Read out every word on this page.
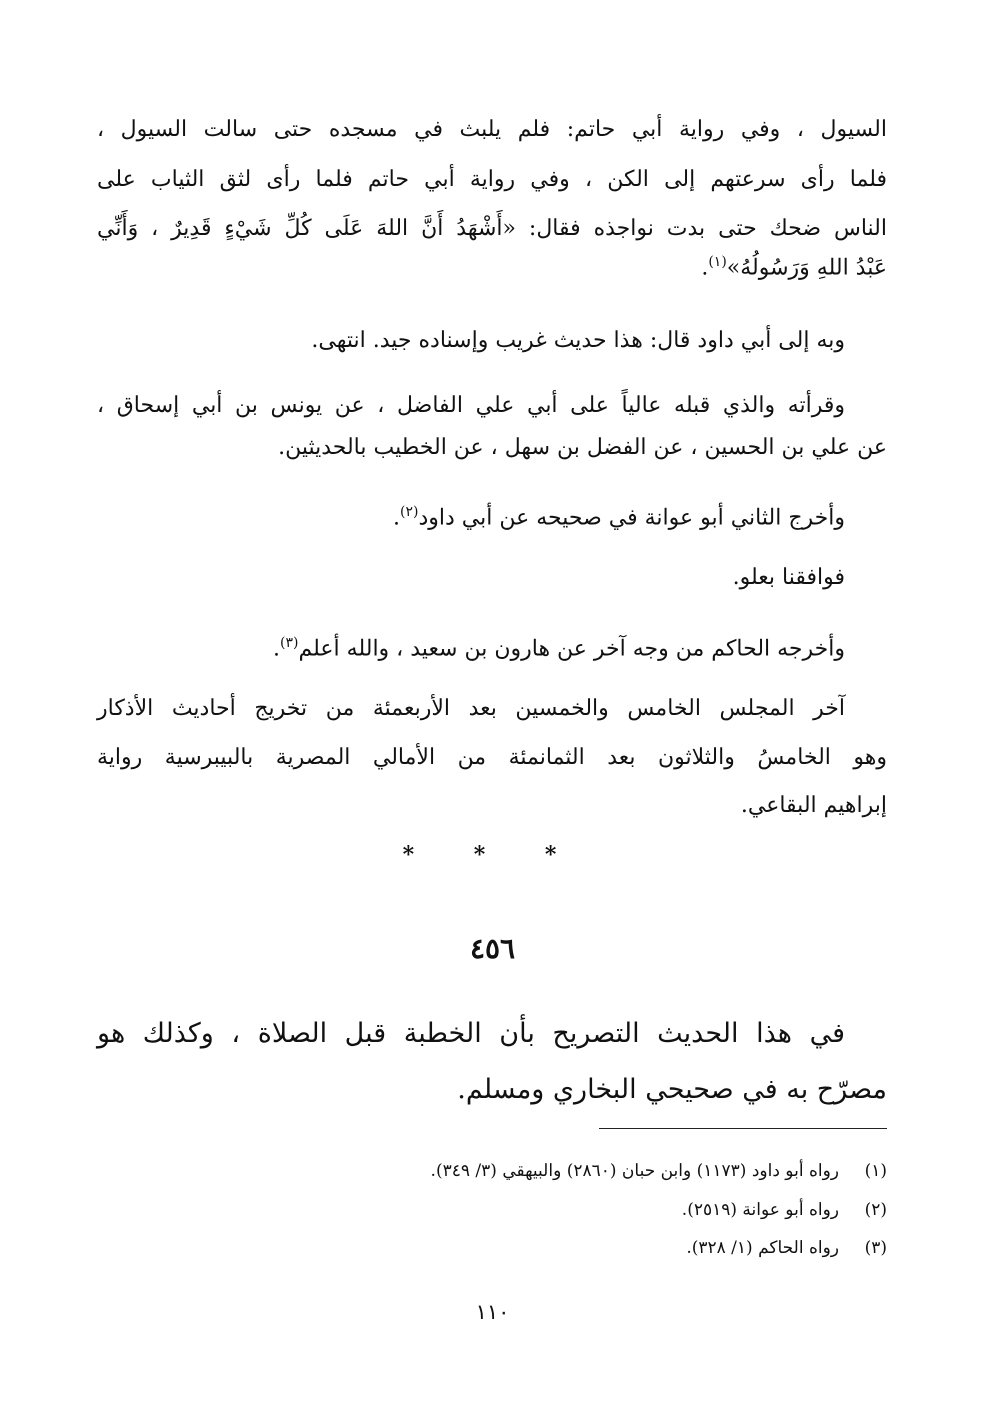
السيول ، وفي رواية أبي حاتم: فلم يلبث في مسجده حتى سالت السيول ،
فلما رأى سرعتهم إلى الكن ، وفي رواية أبي حاتم فلما رأى لثق الثياب على
الناس ضحك حتى بدت نواجذه فقال: «أَشْهَدُ أَنَّ اللهَ عَلَى كُلِّ شَيْءٍ قَدِيرٌ ، وَأَنِّي
عَبْدُ اللهِ وَرَسُولُهُ»$^{(١)}$.
وبه إلى أبي داود قال: هذا حديث غريب وإسناده جيد. انتهى.
وقرأته والذي قبله عالياً على أبي علي الفاضل ، عن يونس بن أبي إسحاق ،
عن علي بن الحسين ، عن الفضل بن سهل ، عن الخطيب بالحديثين.
وأخرج الثاني أبو عوانة في صحيحه عن أبي داود$^{(٢)}$.
فوافقنا بعلو.
وأخرجه الحاكم من وجه آخر عن هارون بن سعيد ، والله أعلم$^{(٣)}$.
آخر المجلس الخامس والخمسين بعد الأربعمئة من تخريج أحاديث الأذكار
وهو الخامسُ والثلاثون بعد الثمانمئة من الأمالي المصرية بالبيبرسية رواية
إبراهيم البقاعي.
* * *
٤٥٦
في هذا الحديث التصريح بأن الخطبة قبل الصلاة ، وكذلك هو
مصرّح به في صحيحي البخاري ومسلم.
(١)رواه أبو داود (١١٧٣) وابن حبان (٢٨٦٠) والبيهقي (٣/ ٣٤٩).
(٢)رواه أبو عوانة (٢٥١٩).
(٣)رواه الحاكم (١/ ٣٢٨).
١١٠
